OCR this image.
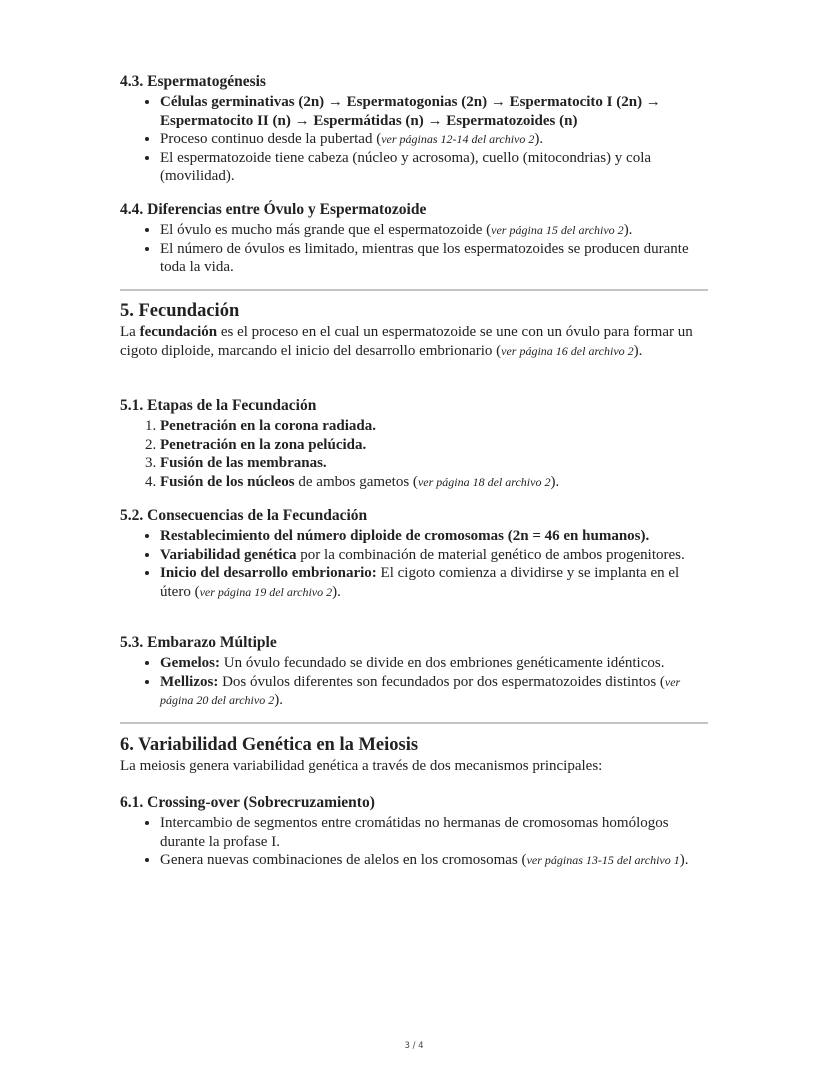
4.3. Espermatogénesis
• Células germinativas (2n) → Espermatogonias (2n) → Espermatocito I (2n) → Espermatocito II (n) → Espermátidas (n) → Espermatozoides (n)
• Proceso continuo desde la pubertad (ver páginas 12-14 del archivo 2).
• El espermatozoide tiene cabeza (núcleo y acrosoma), cuello (mitocondrias) y cola (movilidad).
4.4. Diferencias entre Óvulo y Espermatozoide
• El óvulo es mucho más grande que el espermatozoide (ver página 15 del archivo 2).
• El número de óvulos es limitado, mientras que los espermatozoides se producen durante toda la vida.
5. Fecundación

La fecundación es el proceso en el cual un espermatozoide se une con un óvulo para formar un cigoto diploide, marcando el inicio del desarrollo embrionario (ver página 16 del archivo 2).

5.1. Etapas de la Fecundación
1. Penetración en la corona radiada.
2. Penetración en la zona pelúcida.
3. Fusión de las membranas.
4. Fusión de los núcleos de ambos gametos (ver página 18 del archivo 2).
5.2. Consecuencias de la Fecundación
• Restablecimiento del número diploide de cromosomas (2n = 46 en humanos).
• Variabilidad genética por la combinación de material genético de ambos progenitores.
• Inicio del desarrollo embrionario: El cigoto comienza a dividirse y se implanta en el útero (ver página 19 del archivo 2).
5.3. Embarazo Múltiple
• Gemelos: Un óvulo fecundado se divide en dos embriones genéticamente idénticos.
• Mellizos: Dos óvulos diferentes son fecundados por dos espermatozoides distintos (ver página 20 del archivo 2).
6. Variabilidad Genética en la Meiosis

La meiosis genera variabilidad genética a través de dos mecanismos principales:

6.1. Crossing-over (Sobrecruzamiento)
• Intercambio de segmentos entre cromátidas no hermanas de cromosomas homólogos durante la profase I.
• Genera nuevas combinaciones de alelos en los cromosomas (ver páginas 13-15 del archivo 1).
3 / 4
